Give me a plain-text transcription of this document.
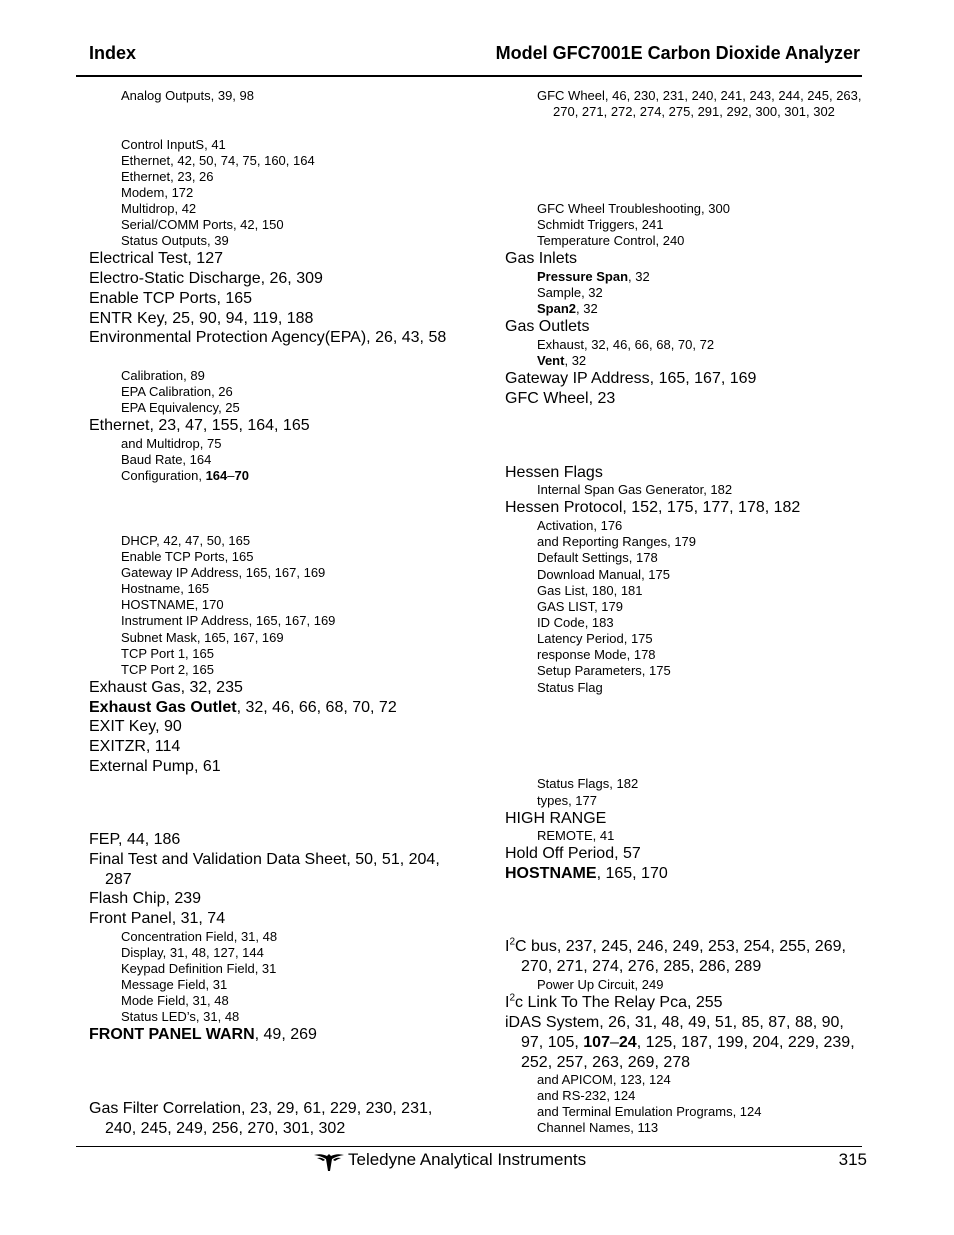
Index	Model GFC7001E Carbon Dioxide Analyzer
Analog Outputs, 39, 98
Control InputS, 41
Ethernet, 42, 50, 74, 75, 160, 164
Ethernet, 23, 26
Modem, 172
Multidrop, 42
Serial/COMM Ports, 42, 150
Status Outputs, 39
Electrical Test, 127
Electro-Static Discharge, 26, 309
Enable TCP Ports, 165
ENTR Key, 25, 90, 94, 119, 188
Environmental Protection Agency(EPA), 26, 43, 58
Calibration, 89
EPA Calibration, 26
EPA Equivalency, 25
Ethernet, 23, 47, 155, 164, 165
and Multidrop, 75
Baud Rate, 164
Configuration, 164–70
DHCP, 42, 47, 50, 165
Enable TCP Ports, 165
Gateway IP Address, 165, 167, 169
Hostname, 165
HOSTNAME, 170
Instrument IP Address, 165, 167, 169
Subnet Mask, 165, 167, 169
TCP Port 1, 165
TCP Port 2, 165
Exhaust Gas, 32, 235
Exhaust Gas Outlet, 32, 46, 66, 68, 70, 72
EXIT Key, 90
EXITZR, 114
External Pump, 61
FEP, 44, 186
Final Test and Validation Data Sheet, 50, 51, 204, 287
Flash Chip, 239
Front Panel, 31, 74
Concentration Field, 31, 48
Display, 31, 48, 127, 144
Keypad Definition Field, 31
Message Field, 31
Mode Field, 31, 48
Status LED’s, 31, 48
FRONT PANEL WARN, 49, 269
Gas Filter Correlation, 23, 29, 61, 229, 230, 231, 240, 245, 249, 256, 270, 301, 302
GFC Wheel, 46, 230, 231, 240, 241, 243, 244, 245, 263, 270, 271, 272, 274, 275, 291, 292, 300, 301, 302
GFC Wheel Troubleshooting, 300
Schmidt Triggers, 241
Temperature Control, 240
Gas Inlets
Pressure Span, 32
Sample, 32
Span2, 32
Gas Outlets
Exhaust, 32, 46, 66, 68, 70, 72
Vent, 32
Gateway IP Address, 165, 167, 169
GFC Wheel, 23
Hessen Flags
Internal Span Gas Generator, 182
Hessen Protocol, 152, 175, 177, 178, 182
Activation, 176
and Reporting Ranges, 179
Default Settings, 178
Download Manual, 175
Gas List, 180, 181
GAS LIST, 179
ID Code, 183
Latency Period, 175
response Mode, 178
Setup Parameters, 175
Status Flag
Status Flags, 182
types, 177
HIGH RANGE
REMOTE, 41
Hold Off Period, 57
HOSTNAME, 165, 170
$I^2C$ bus, 237, 245, 246, 249, 253, 254, 255, 269, 270, 271, 274, 276, 285, 286, 289
Power Up Circuit, 249
$I^2c$ Link To The Relay Pca, 255
iDAS System, 26, 31, 48, 49, 51, 85, 87, 88, 90, 97, 105, 107–24, 125, 187, 199, 204, 229, 239, 252, 257, 263, 269, 278
and APICOM, 123, 124
and RS-232, 124
and Terminal Emulation Programs, 124
Channel Names, 113
Teledyne Analytical Instruments	315
